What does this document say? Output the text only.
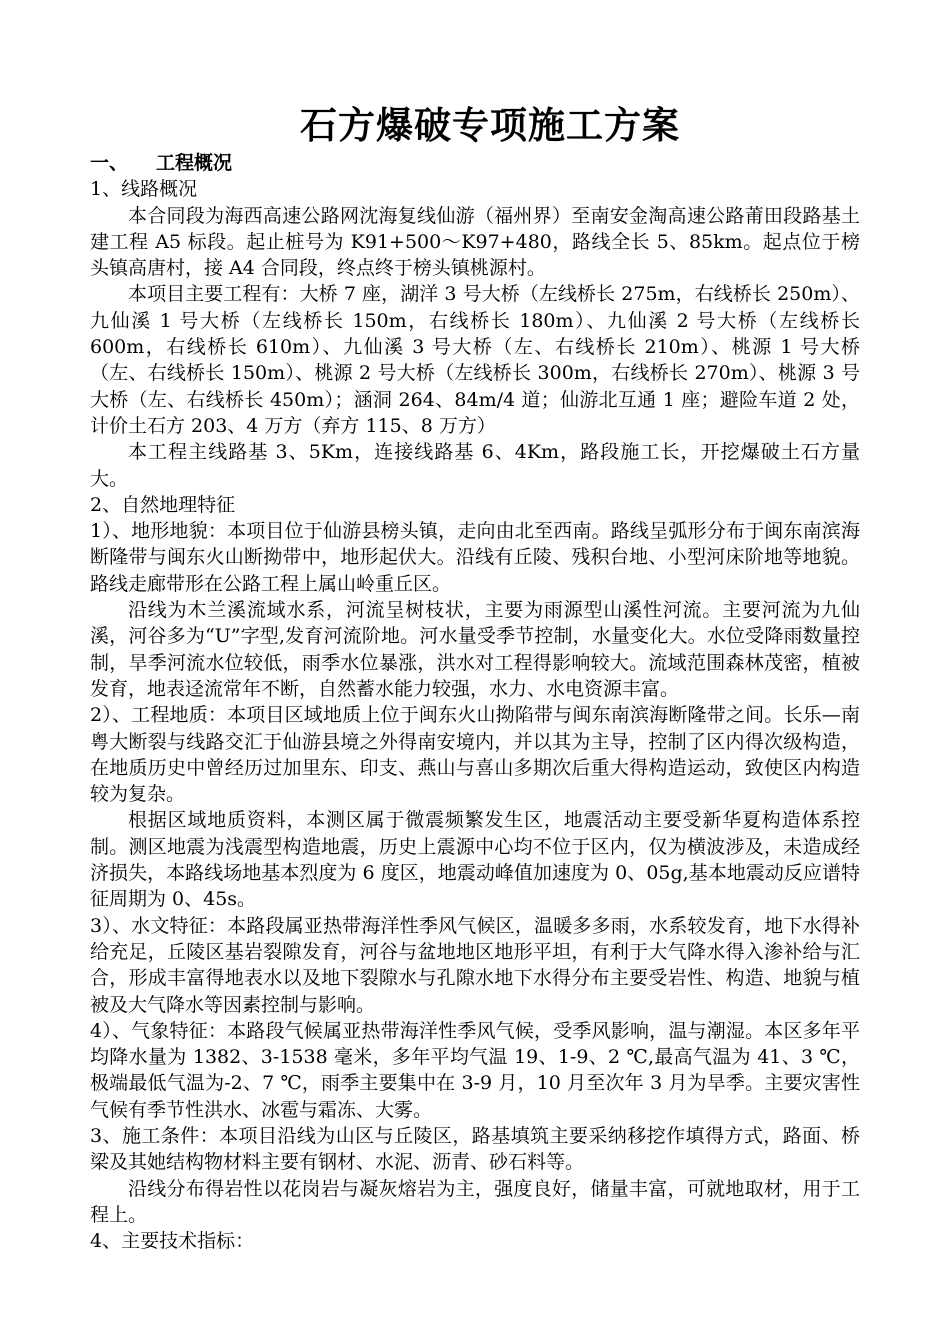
石方爆破专项施工方案

一、 工程概况

1、线路概况

本合同段为海西高速公路网沈海复线仙游（福州界）至南安金淘高速公路莆田段路基土建工程 A5 标段。起止桩号为 K91+500～K97+480，路线全长 5、85km。起点位于榜头镇高唐村，接 A4 合同段，终点终于榜头镇桃源村。

本项目主要工程有：大桥 7 座，湖洋 3 号大桥（左线桥长 275m，右线桥长 250m）、九仙溪 1 号大桥（左线桥长 150m，右线桥长 180m）、九仙溪 2 号大桥（左线桥长 600m，右线桥长 610m）、九仙溪 3 号大桥（左、右线桥长 210m）、桃源 1 号大桥（左、右线桥长 150m）、桃源 2 号大桥（左线桥长 300m，右线桥长 270m）、桃源 3 号大桥（左、右线桥长 450m）；涵洞 264、84m/4 道；仙游北互通 1 座；避险车道 2 处，计价土石方 203、4 万方（弃方 115、8 万方）

本工程主线路基 3、5Km，连接线路基 6、4Km，路段施工长，开挖爆破土石方量大。

2、自然地理特征

1）、地形地貌：本项目位于仙游县榜头镇，走向由北至西南。路线呈弧形分布于闽东南滨海断隆带与闽东火山断拗带中，地形起伏大。沿线有丘陵、残积台地、小型河床阶地等地貌。路线走廊带形在公路工程上属山岭重丘区。

沿线为木兰溪流域水系，河流呈树枝状，主要为雨源型山溪性河流。主要河流为九仙溪，河谷多为“U”字型,发育河流阶地。河水量受季节控制，水量变化大。水位受降雨数量控制，旱季河流水位较低，雨季水位暴涨，洪水对工程得影响较大。流域范围森林茂密，植被发育，地表迳流常年不断，自然蓄水能力较强，水力、水电资源丰富。

2）、工程地质：本项目区域地质上位于闽东火山拗陷带与闽东南滨海断隆带之间。长乐—南粤大断裂与线路交汇于仙游县境之外得南安境内，并以其为主导，控制了区内得次级构造，在地质历史中曾经历过加里东、印支、燕山与喜山多期次后重大得构造运动，致使区内构造较为复杂。

根据区域地质资料，本测区属于微震频繁发生区，地震活动主要受新华夏构造体系控制。测区地震为浅震型构造地震，历史上震源中心均不位于区内，仅为横波涉及，未造成经济损失，本路线场地基本烈度为 6 度区，地震动峰值加速度为 0、05g,基本地震动反应谱特征周期为 0、45s。

3）、水文特征：本路段属亚热带海洋性季风气候区，温暖多多雨，水系较发育，地下水得补给充足，丘陵区基岩裂隙发育，河谷与盆地地区地形平坦，有利于大气降水得入渗补给与汇合，形成丰富得地表水以及地下裂隙水与孔隙水地下水得分布主要受岩性、构造、地貌与植被及大气降水等因素控制与影响。

4）、气象特征：本路段气候属亚热带海洋性季风气候，受季风影响，温与潮湿。本区多年平均降水量为 1382、3-1538 毫米，多年平均气温 19、1-9、2 ℃,最高气温为 41、3 ℃，极端最低气温为-2、7 ℃，雨季主要集中在 3-9 月，10 月至次年 3 月为旱季。主要灾害性气候有季节性洪水、冰雹与霜冻、大雾。

3、施工条件：本项目沿线为山区与丘陵区，路基填筑主要采纳移挖作填得方式，路面、桥梁及其她结构物材料主要有钢材、水泥、沥青、砂石料等。

沿线分布得岩性以花岗岩与凝灰熔岩为主，强度良好，储量丰富，可就地取材，用于工程上。

4、主要技术指标：
